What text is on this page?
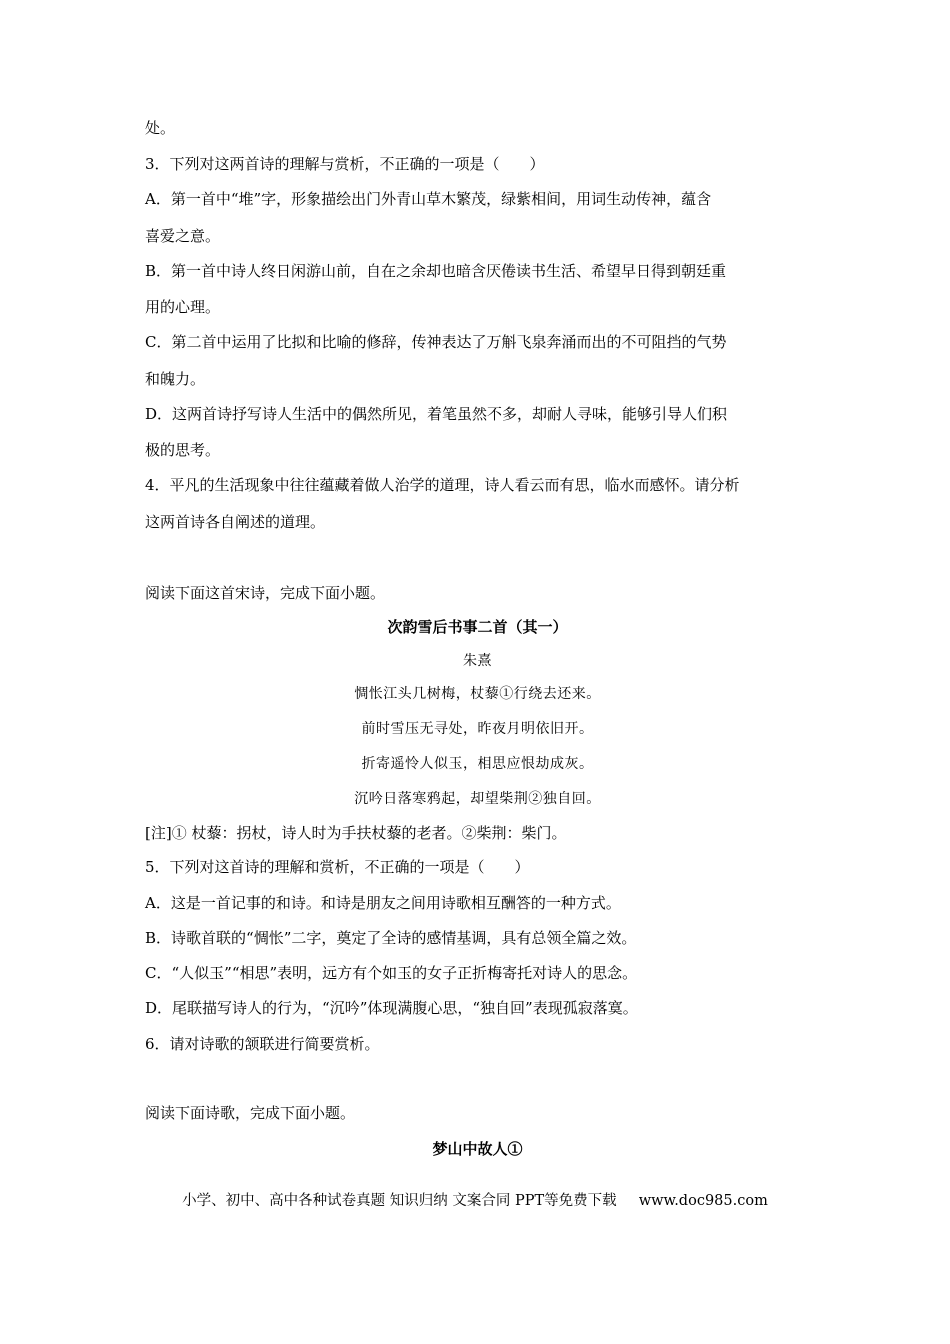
处。
3．下列对这两首诗的理解与赏析，不正确的一项是（　　）
A．第一首中“堆”字，形象描绘出门外青山草木繁茂，绿紫相间，用词生动传神，蕴含
喜爱之意。
B．第一首中诗人终日闲游山前，自在之余却也暗含厌倦读书生活、希望早日得到朝廷重
用的心理。
C．第二首中运用了比拟和比喻的修辞，传神表达了万斛飞泉奔涌而出的不可阻挡的气势
和魄力。
D．这两首诗抒写诗人生活中的偶然所见，着笔虽然不多，却耐人寻味，能够引导人们积
极的思考。
4．平凡的生活现象中往往蕴藏着做人治学的道理，诗人看云而有思，临水而感怀。请分析
这两首诗各自阐述的道理。
阅读下面这首宋诗，完成下面小题。
次韵雪后书事二首（其一）
朱熹
惆怅江头几树梅，杖藜①行绕去还来。
前时雪压无寻处，昨夜月明依旧开。
折寄遥怜人似玉，相思应恨劫成灰。
沉吟日落寒鸦起，却望柴荆②独自回。
[注]① 杖藜：拐杖，诗人时为手扶杖藜的老者。②柴荆：柴门。
5．下列对这首诗的理解和赏析，不正确的一项是（　　）
A．这是一首记事的和诗。和诗是朋友之间用诗歌相互酬答的一种方式。
B．诗歌首联的“惆怅”二字，奠定了全诗的感情基调，具有总领全篇之效。
C．“人似玉”“相思”表明，远方有个如玉的女子正折梅寄托对诗人的思念。
D．尾联描写诗人的行为，“沉吟”体现满腹心思，“独自回”表现孤寂落寞。
6．请对诗歌的颔联进行简要赏析。
阅读下面诗歌，完成下面小题。
梦山中故人①
小学、初中、高中各种试卷真题 知识归纳 文案合同 PPT等免费下载 www.doc985.com
